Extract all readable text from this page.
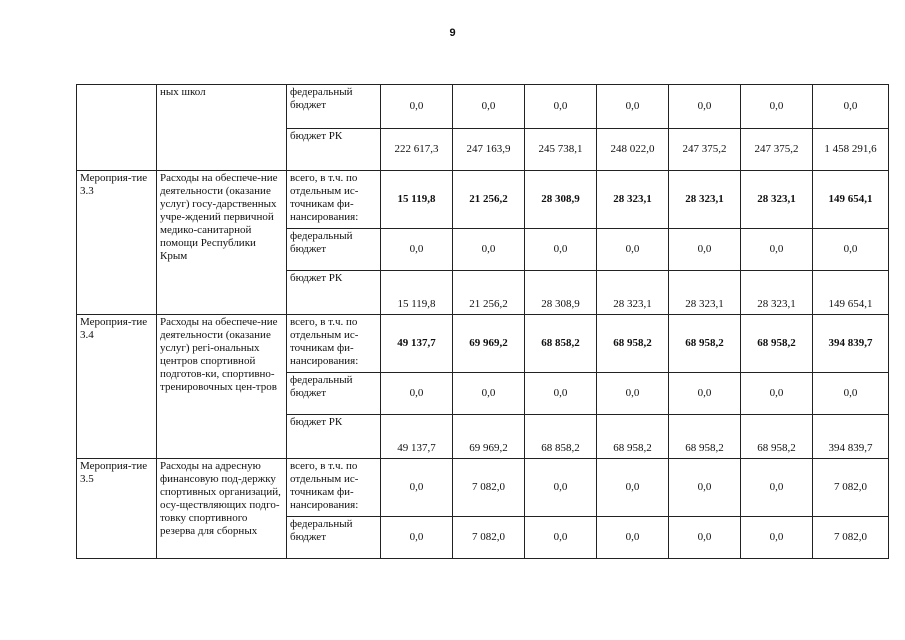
9
	ных школ	федеральный бюджет	0,0	0,0	0,0	0,0	0,0	0,0	0,0
		бюджет РК	222 617,3	247 163,9	245 738,1	248 022,0	247 375,2	247 375,2	1 458 291,6
Мероприя-тие 3.3	Расходы на обеспече-ние деятельности (оказание услуг) госу-дарственных учре-ждений первичной медико-санитарной помощи Республики Крым	всего, в т.ч. по отдельным ис-точникам фи-нансирования:	15 119,8	21 256,2	28 308,9	28 323,1	28 323,1	28 323,1	149 654,1
		федеральный бюджет	0,0	0,0	0,0	0,0	0,0	0,0	0,0
		бюджет РК	15 119,8	21 256,2	28 308,9	28 323,1	28 323,1	28 323,1	149 654,1
Мероприя-тие 3.4	Расходы на обеспече-ние деятельности (оказание услуг) регi-ональных центров спортивной подготов-ки, спортивно-тренировочных цен-тров	всего, в т.ч. по отдельным ис-точникам фи-нансирования:	49 137,7	69 969,2	68 858,2	68 958,2	68 958,2	68 958,2	394 839,7
		федеральный бюджет	0,0	0,0	0,0	0,0	0,0	0,0	0,0
		бюджет РК	49 137,7	69 969,2	68 858,2	68 958,2	68 958,2	68 958,2	394 839,7
Мероприя-тие 3.5	Расходы на адресную финансовую под-держку спортивных организаций, осу-ществляющих подго-товку спортивного резерва для сборных	всего, в т.ч. по отдельным ис-точникам фи-нансирования:	0,0	7 082,0	0,0	0,0	0,0	0,0	7 082,0
		федеральный бюджет	0,0	7 082,0	0,0	0,0	0,0	0,0	7 082,0
